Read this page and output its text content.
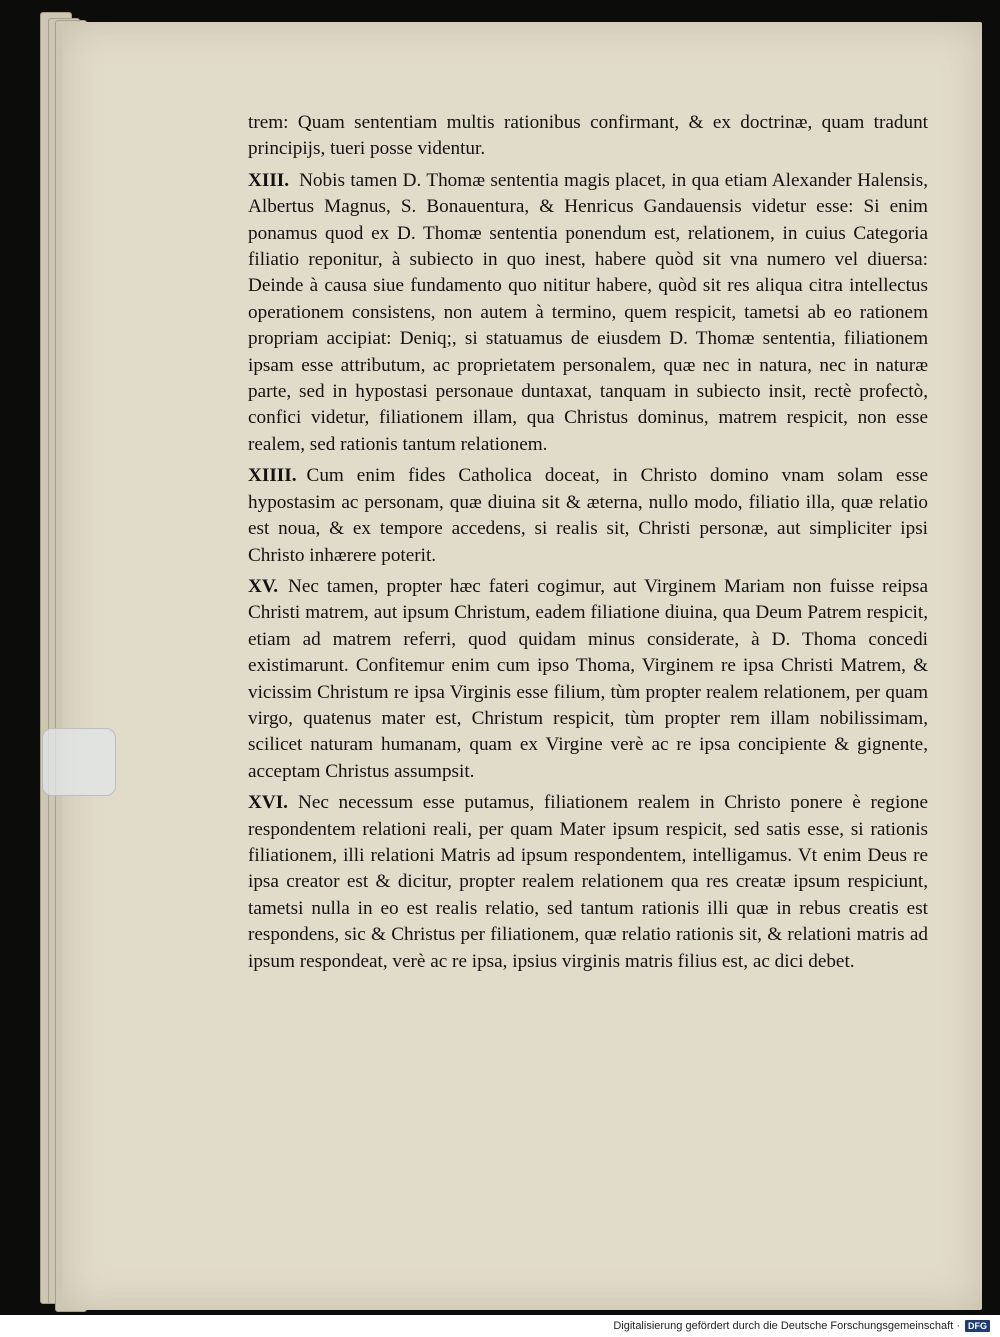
trem: Quam sententiam multis rationibus confirmant, & ex doctrinæ, quam tradunt principijs, tueri posse videntur.

XIII. Nobis tamen D. Thomæ sententia magis placet, in qua etiam Alexander Halensis, Albertus Magnus, S. Bonauentura, & Henricus Gandauensis videtur esse: Si enim ponamus quod ex D. Thomæ sententia ponendum est, relationem, in cuius Categoria filiatio reponitur, à subiecto in quo inest, habere quòd sit vna numero vel diuersa: Deinde à causa siue fundamento quo nititur habere, quòd sit res aliqua citra intellectus operationem consistens, non autem à termino, quem respicit, tametsi ab eo rationem propriam accipiat: Deniq;, si statuamus de eiusdem D. Thomæ sententia, filiationem ipsam esse attributum, ac proprietatem personalem, quæ nec in natura, nec in naturæ parte, sed in hypostasi personaue duntaxat, tanquam in subiecto insit, rectè profectò, confici videtur, filiationem illam, qua Christus dominus, matrem respicit, non esse realem, sed rationis tantum relationem.

XIIII. Cum enim fides Catholica doceat, in Christo domino vnam solam esse hypostasim ac personam, quæ diuina sit & æterna, nullo modo, filiatio illa, quæ relatio est noua, & ex tempore accedens, si realis sit, Christi personæ, aut simpliciter ipsi Christo inhærere poterit.

XV. Nec tamen, propter hæc fateri cogimur, aut Virginem Mariam non fuisse reipsa Christi matrem, aut ipsum Christum, eadem filiatione diuina, qua Deum Patrem respicit, etiam ad matrem referri, quod quidam minus considerate, à D. Thoma concedi existimarunt. Confitemur enim cum ipso Thoma, Virginem re ipsa Christi Matrem, & vicissim Christum re ipsa Virginis esse filium, tùm propter realem relationem, per quam virgo, quatenus mater est, Christum respicit, tùm propter rem illam nobilissimam, scilicet naturam humanam, quam ex Virgine verè ac re ipsa concipiente & gignente, acceptam Christus assumpsit.

XVI. Nec necessum esse putamus, filiationem realem in Christo ponere è regione respondentem relationi reali, per quam Mater ipsum respicit, sed satis esse, si rationis filiationem, illi relationi Matris ad ipsum respondentem, intelligamus. Vt enim Deus re ipsa creator est & dicitur, propter realem relationem qua res creatæ ipsum respiciunt, tametsi nulla in eo est realis relatio, sed tantum rationis illi quæ in rebus creatis est respondens, sic & Christus per filiationem, quæ relatio rationis sit, & relationi matris ad ipsum respondeat, verè ac re ipsa, ipsius virginis matris filius est, ac dici debet.

Digitalisierung gefördert durch die Deutsche Forschungsgemeinschaft · DFG
